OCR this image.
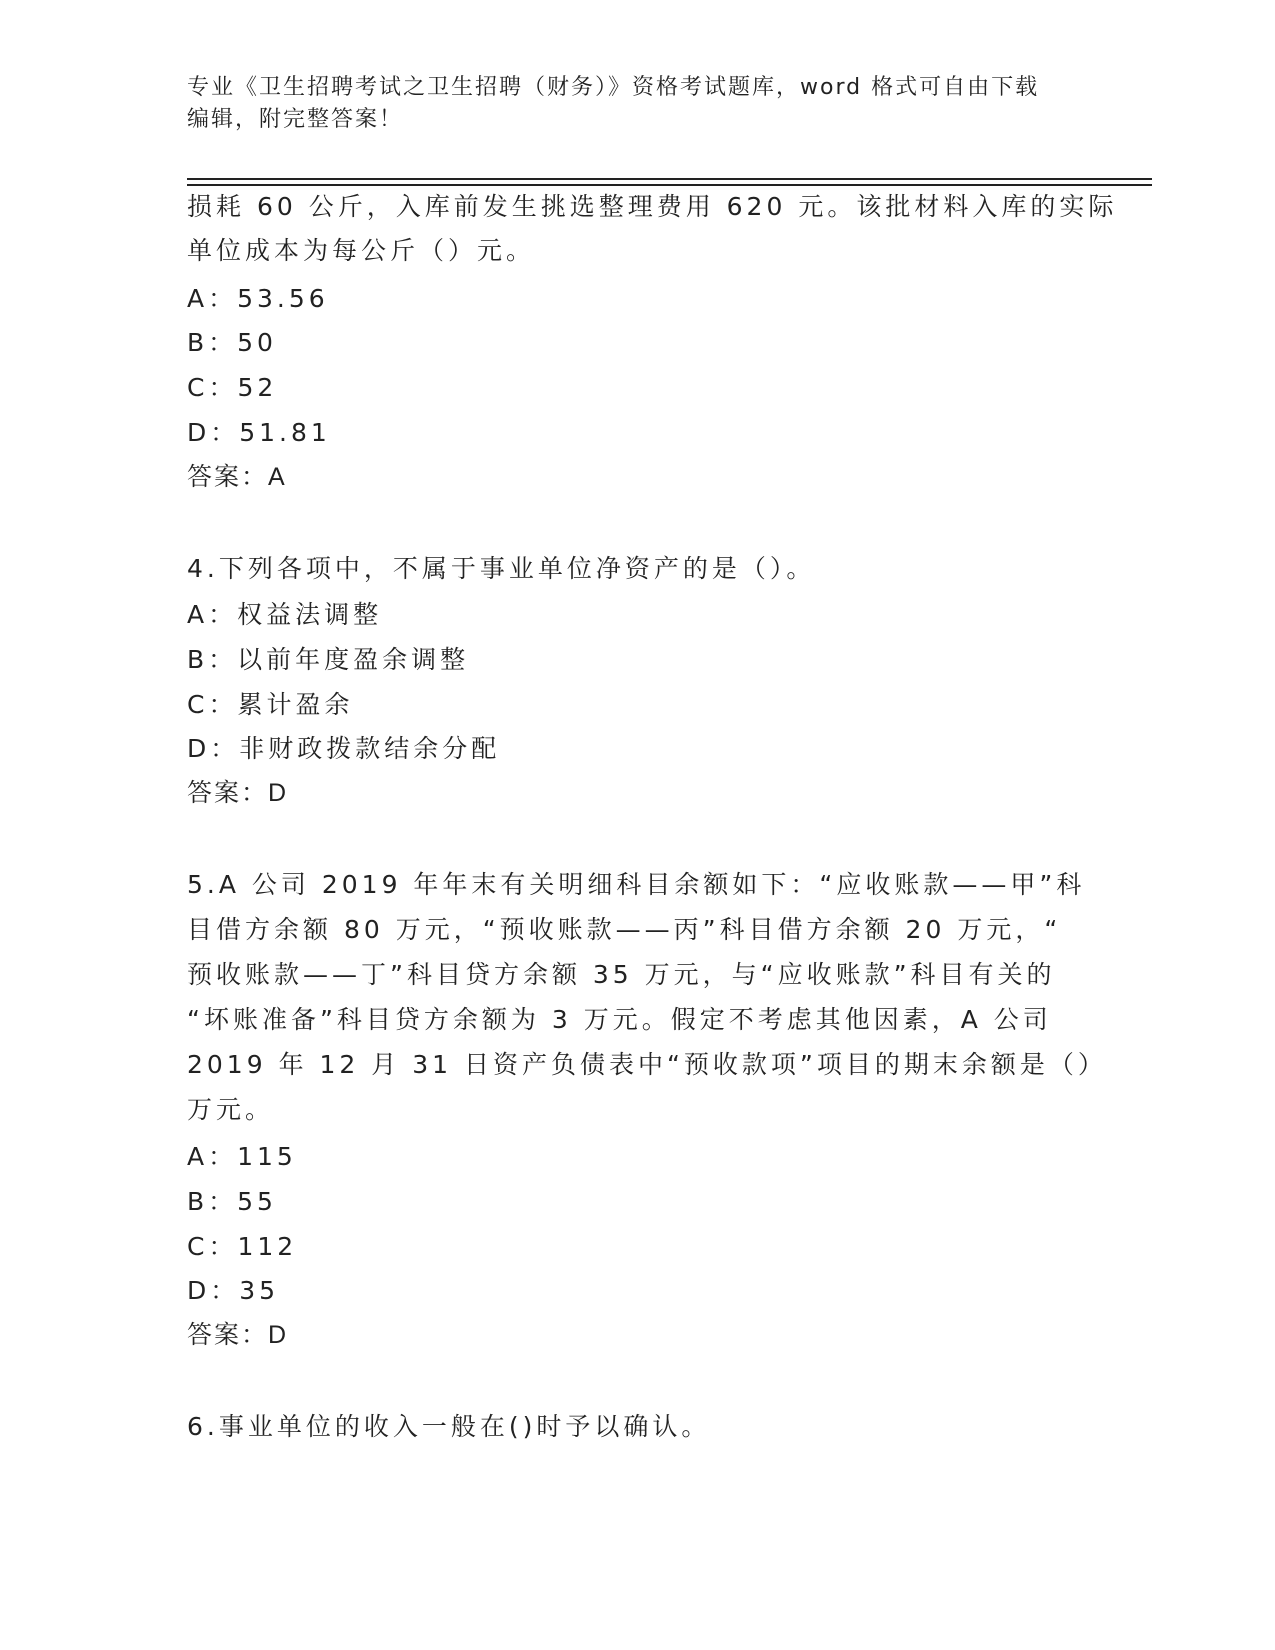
专业《卫生招聘考试之卫生招聘（财务）》资格考试题库，word 格式可自由下载
编辑，附完整答案！
损耗 60 公斤，入库前发生挑选整理费用 620 元。该批材料入库的实际
单位成本为每公斤（）元。
A：53.56
B：50
C：52
D：51.81
答案：A
4.下列各项中，不属于事业单位净资产的是（）。
A：权益法调整
B：以前年度盈余调整
C：累计盈余
D：非财政拨款结余分配
答案：D
5.A 公司 2019 年年末有关明细科目余额如下：“应收账款——甲”科
目借方余额 80 万元，“预收账款——丙”科目借方余额 20 万元，“
预收账款——丁”科目贷方余额 35 万元，与“应收账款”科目有关的
“坏账准备”科目贷方余额为 3 万元。假定不考虑其他因素，A 公司
2019 年 12 月 31 日资产负债表中“预收款项”项目的期末余额是（）
万元。
A：115
B：55
C：112
D：35
答案：D
6.事业单位的收入一般在()时予以确认。
